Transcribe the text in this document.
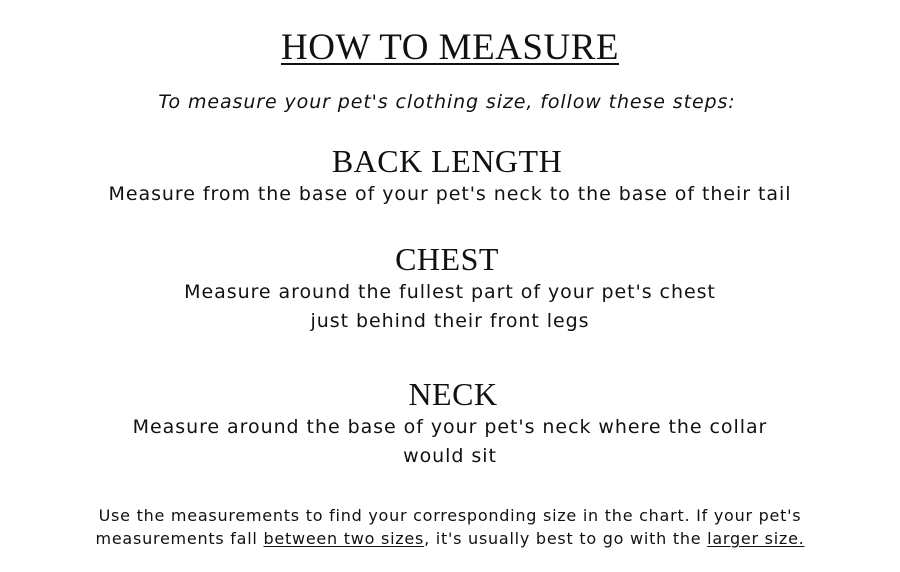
HOW TO MEASURE
To measure your pet's clothing size, follow these steps:
BACK LENGTH
Measure from the base of your pet's neck to the base of their tail
CHEST
Measure around the fullest part of your pet's chest
just behind their front legs
NECK
Measure around the base of your pet's neck where the collar
would sit
Use the measurements to find your corresponding size in the chart. If your pet's
measurements fall between two sizes, it's usually best to go with the larger size.
